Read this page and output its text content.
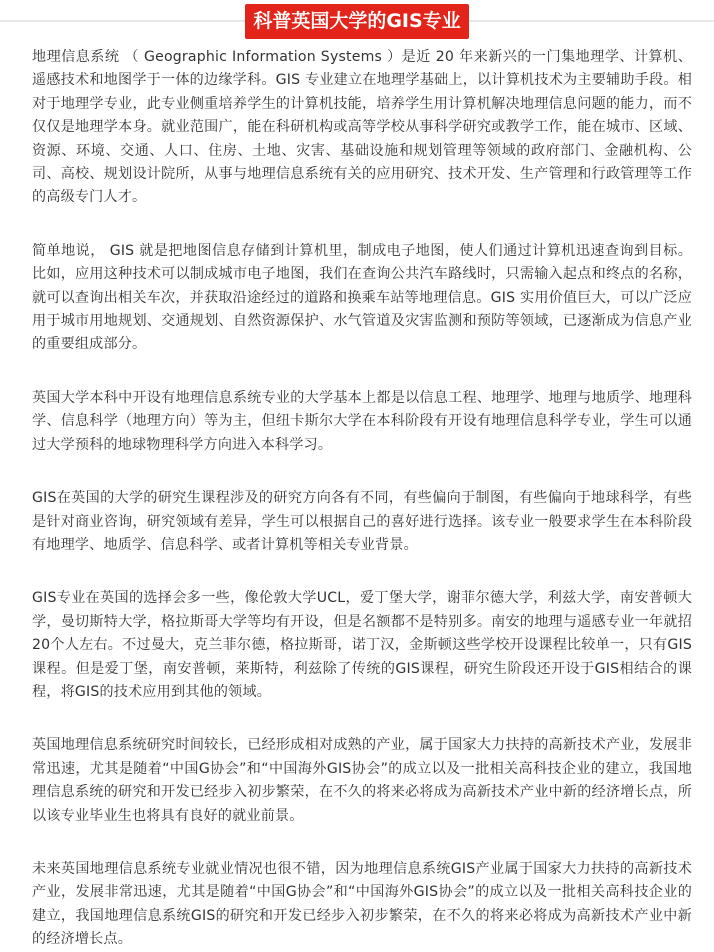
科普英国大学的GIS专业

地理信息系统 （ Geographic Information Systems ）是近 20 年来新兴的一门集地理学、计算机、遥感技术和地图学于一体的边缘学科。GIS 专业建立在地理学基础上，以计算机技术为主要辅助手段。相对于地理学专业，此专业侧重培养学生的计算机技能，培养学生用计算机解决地理信息问题的能力，而不仅仅是地理学本身。就业范围广，能在科研机构或高等学校从事科学研究或教学工作，能在城市、区域、资源、环境、交通、人口、住房、土地、灾害、基础设施和规划管理等领域的政府部门、金融机构、公司、高校、规划设计院所，从事与地理信息系统有关的应用研究、技术开发、生产管理和行政管理等工作的高级专门人才。

简单地说， GIS 就是把地图信息存储到计算机里，制成电子地图，使人们通过计算机迅速查询到目标。比如，应用这种技术可以制成城市电子地图，我们在查询公共汽车路线时，只需输入起点和终点的名称，就可以查询出相关车次，并获取沿途经过的道路和换乘车站等地理信息。GIS 实用价值巨大，可以广泛应用于城市用地规划、交通规划、自然资源保护、水气管道及灾害监测和预防等领域，已逐渐成为信息产业的重要组成部分。

英国大学本科中开设有地理信息系统专业的大学基本上都是以信息工程、地理学、地理与地质学、地理科学、信息科学（地理方向）等为主，但纽卡斯尔大学在本科阶段有开设有地理信息科学专业，学生可以通过大学预科的地球物理科学方向进入本科学习。

GIS在英国的大学的研究生课程涉及的研究方向各有不同，有些偏向于制图，有些偏向于地球科学，有些是针对商业咨询，研究领域有差异，学生可以根据自己的喜好进行选择。该专业一般要求学生在本科阶段有地理学、地质学、信息科学、或者计算机等相关专业背景。

GIS专业在英国的选择会多一些，像伦敦大学UCL，爱丁堡大学，谢菲尔德大学，利兹大学，南安普顿大学，曼切斯特大学，格拉斯哥大学等均有开设，但是名额都不是特别多。南安的地理与遥感专业一年就招20个人左右。不过曼大，克兰菲尔德，格拉斯哥，诺丁汉，金斯顿这些学校开设课程比较单一，只有GIS课程。但是爱丁堡，南安普顿，莱斯特，利兹除了传统的GIS课程，研究生阶段还开设于GIS相结合的课程，将GIS的技术应用到其他的领域。

英国地理信息系统研究时间较长，已经形成相对成熟的产业，属于国家大力扶持的高新技术产业，发展非常迅速，尤其是随着“中国G协会”和“中国海外GIS协会”的成立以及一批相关高科技企业的建立，我国地理信息系统的研究和开发已经步入初步繁荣，在不久的将来必将成为高新技术产业中新的经济增长点，所以该专业毕业生也将具有良好的就业前景。

未来英国地理信息系统专业就业情况也很不错，因为地理信息系统GIS产业属于国家大力扶持的高新技术产业，发展非常迅速，尤其是随着“中国G协会”和“中国海外GIS协会”的成立以及一批相关高科技企业的建立，我国地理信息系统GIS的研究和开发已经步入初步繁荣，在不久的将来必将成为高新技术产业中新的经济增长点。
